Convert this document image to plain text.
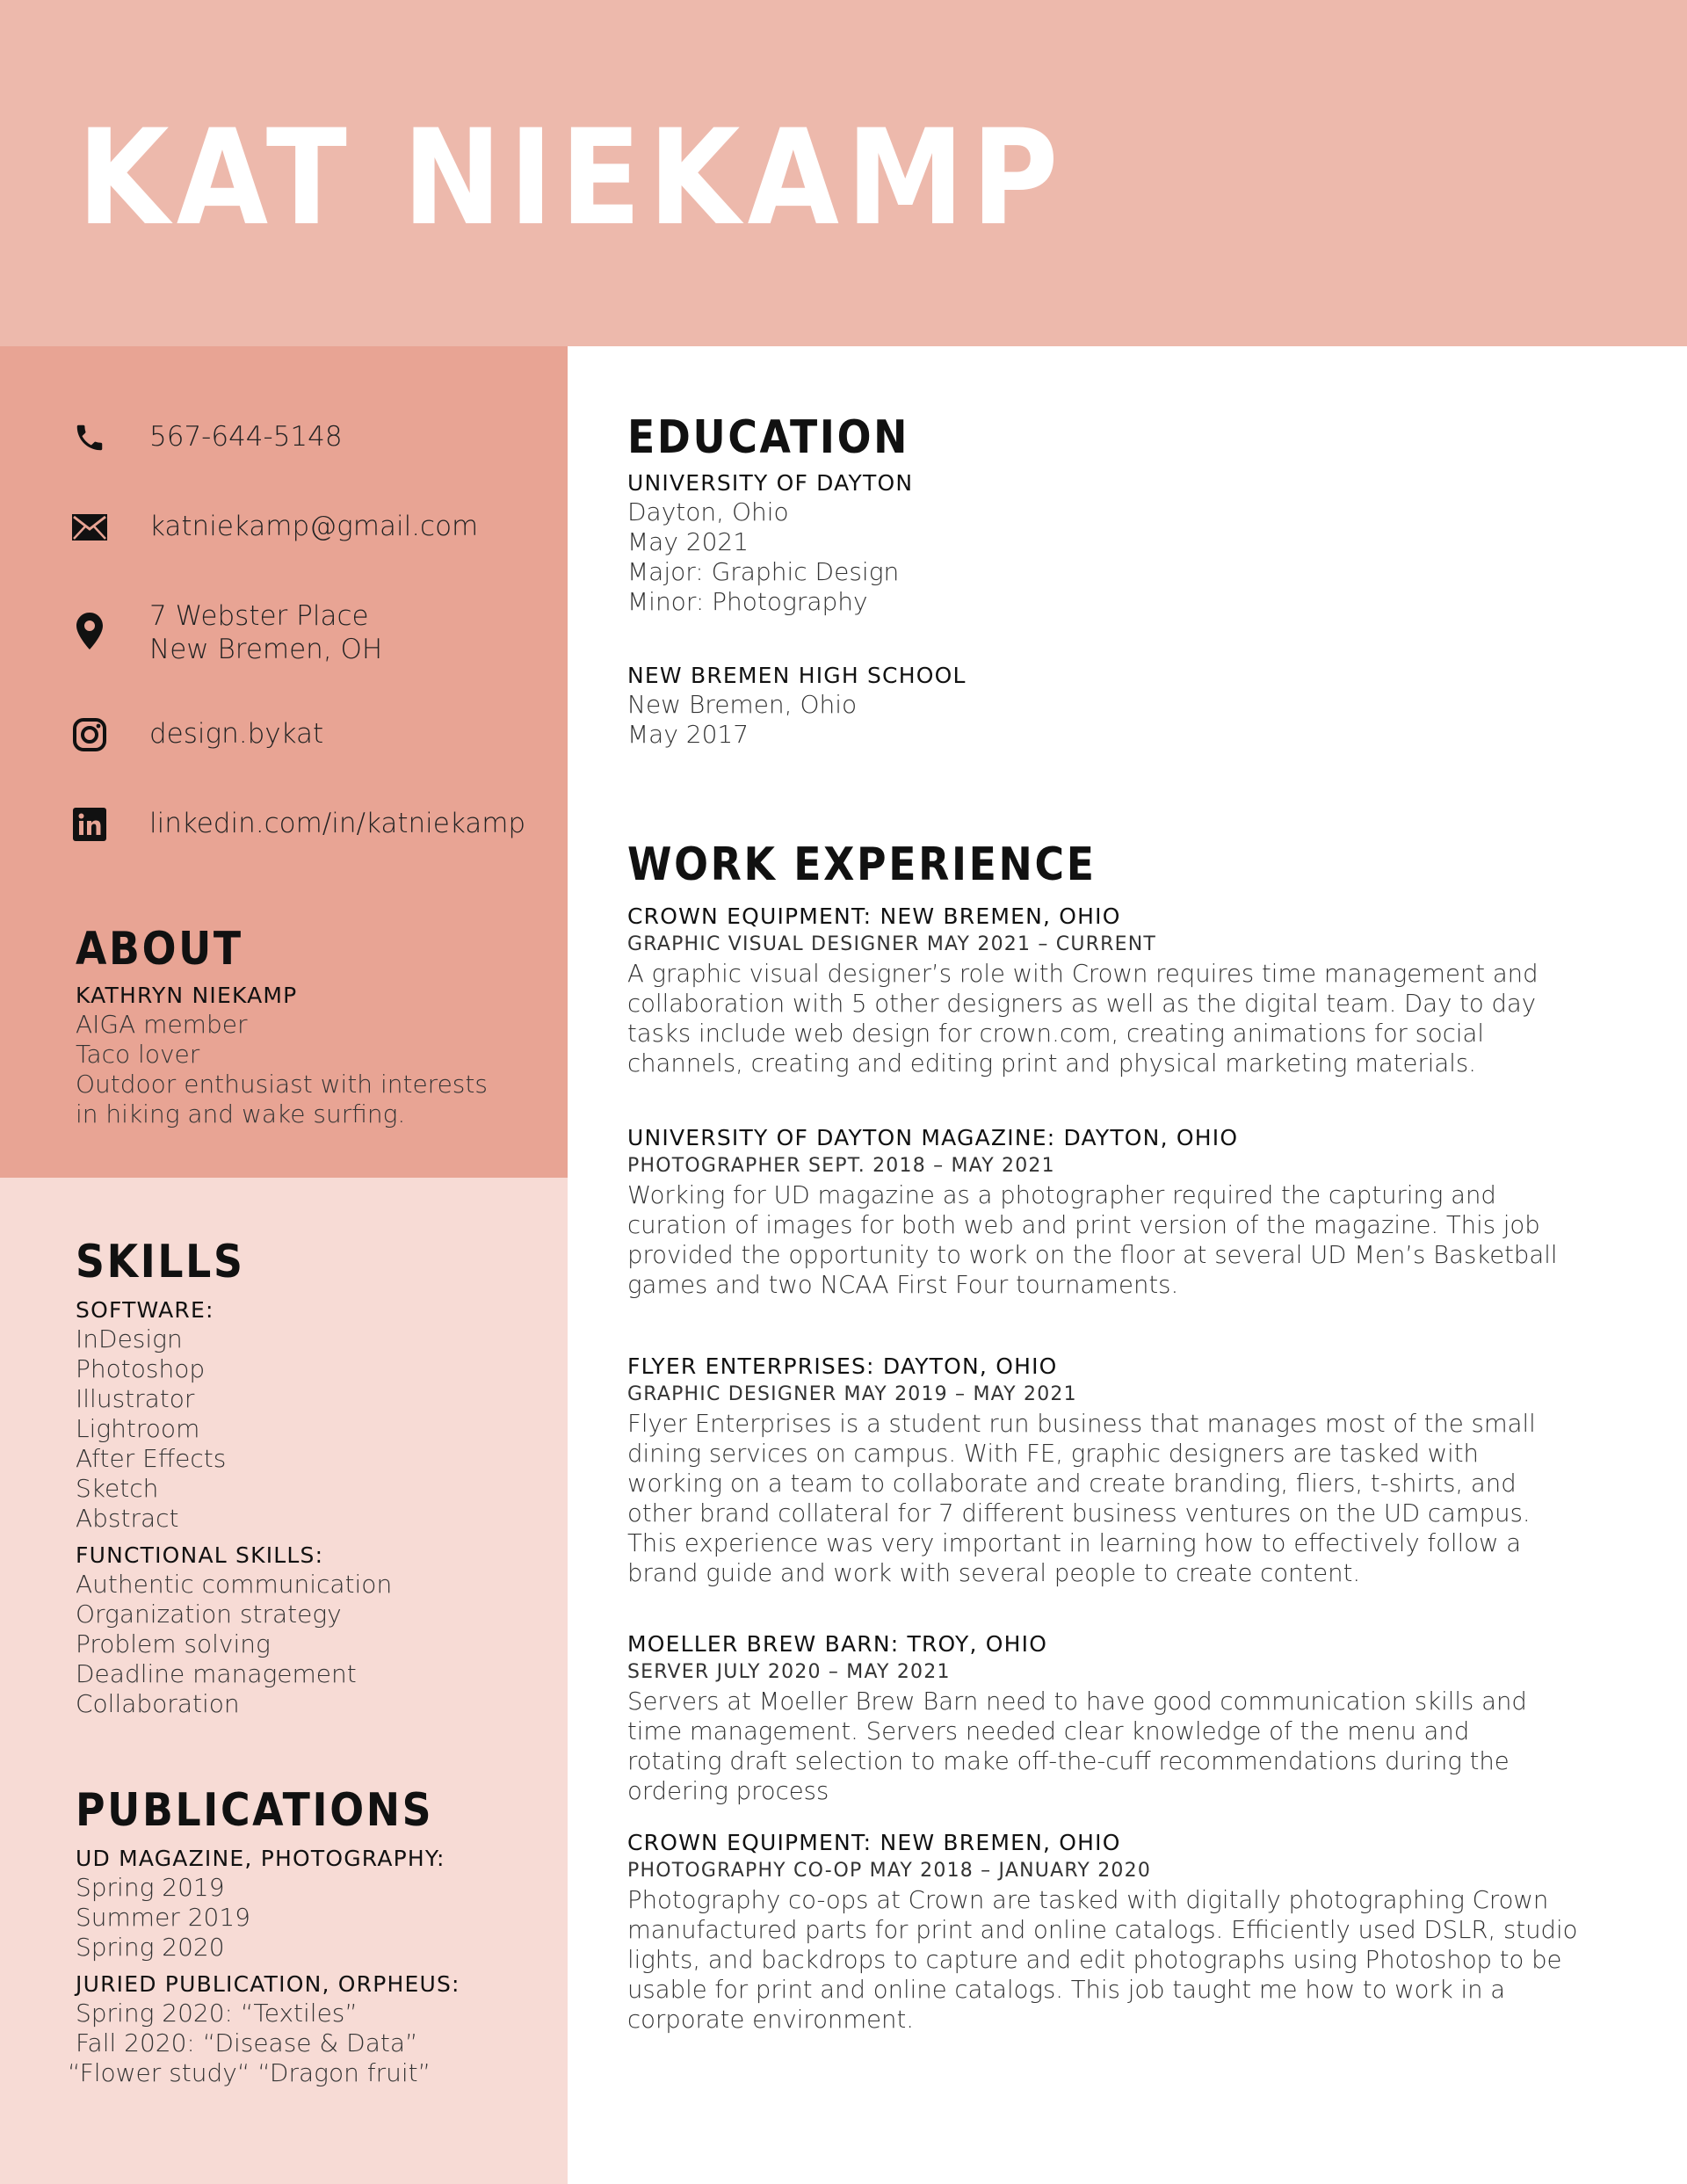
KAT NIEKAMP
567-644-5148
katniekamp@gmail.com
7 Webster Place
New Bremen, OH
design.bykat
linkedin.com/in/katniekamp
ABOUT
KATHRYN NIEKAMP
AIGA member
Taco lover
Outdoor enthusiast with interests
in hiking and wake surfing.
SKILLS
SOFTWARE:
InDesign
Photoshop
Illustrator
Lightroom
After Effects
Sketch
Abstract
FUNCTIONAL SKILLS:
Authentic communication
Organization strategy
Problem solving
Deadline management
Collaboration
PUBLICATIONS
UD MAGAZINE, PHOTOGRAPHY:
Spring 2019
Summer 2019
Spring 2020
JURIED PUBLICATION, ORPHEUS:
Spring 2020: “Textiles”
Fall 2020: “Disease & Data”
“Flower study“ “Dragon fruit”
EDUCATION
UNIVERSITY OF DAYTON
Dayton, Ohio
May 2021
Major: Graphic Design
Minor: Photography
NEW BREMEN HIGH SCHOOL
New Bremen, Ohio
May 2017
WORK EXPERIENCE
CROWN EQUIPMENT: NEW BREMEN, OHIO
GRAPHIC VISUAL DESIGNER MAY 2021 – CURRENT
A graphic visual designer’s role with Crown requires time management and collaboration with 5 other designers as well as the digital team. Day to day tasks include web design for crown.com, creating animations for social channels, creating and editing print and physical marketing materials.
UNIVERSITY OF DAYTON MAGAZINE: DAYTON, OHIO
PHOTOGRAPHER SEPT. 2018 – MAY 2021
Working for UD magazine as a photographer required the capturing and curation of images for both web and print version of the magazine. This job provided the opportunity to work on the floor at several UD Men’s Basketball games and two NCAA First Four tournaments.
FLYER ENTERPRISES: DAYTON, OHIO
GRAPHIC DESIGNER MAY 2019 – MAY 2021
Flyer Enterprises is a student run business that manages most of the small dining services on campus. With FE, graphic designers are tasked with working on a team to collaborate and create branding, fliers, t-shirts, and other brand collateral for 7 different business ventures on the UD campus. This experience was very important in learning how to effectively follow a brand guide and work with several people to create content.
MOELLER BREW BARN: TROY, OHIO
SERVER JULY 2020 – MAY 2021
Servers at Moeller Brew Barn need to have good communication skills and time management. Servers needed clear knowledge of the menu and rotating draft selection to make off-the-cuff recommendations during the ordering process
CROWN EQUIPMENT: NEW BREMEN, OHIO
PHOTOGRAPHY CO-OP MAY 2018 – JANUARY 2020
Photography co-ops at Crown are tasked with digitally photographing Crown manufactured parts for print and online catalogs. Efficiently used DSLR, studio lights, and backdrops to capture and edit photographs using Photoshop to be usable for print and online catalogs. This job taught me how to work in a corporate environment.
